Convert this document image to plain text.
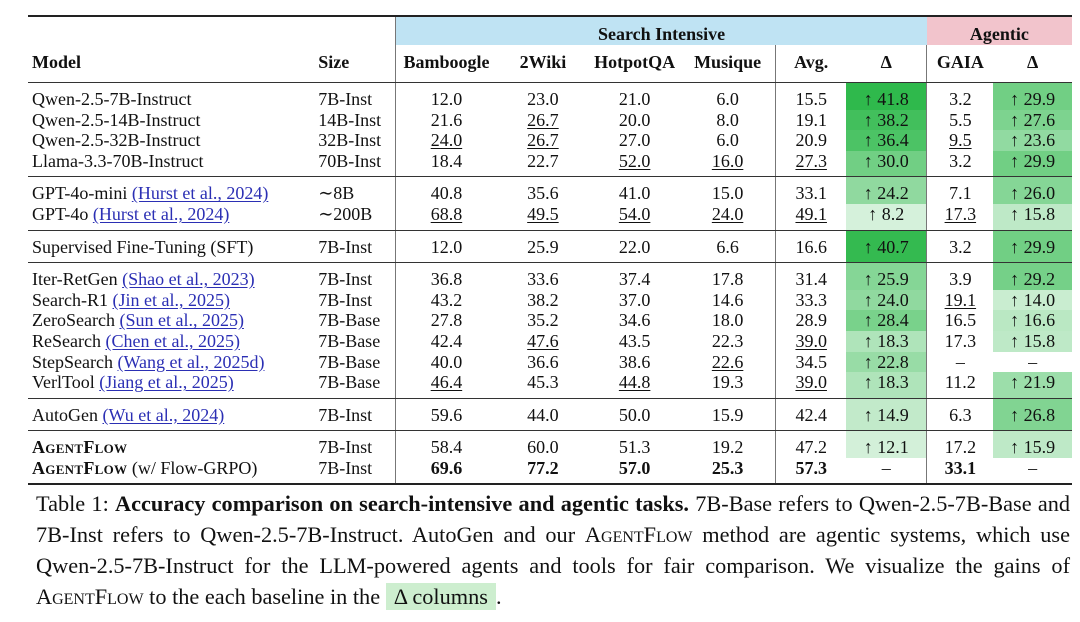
		Search Intensive						Agentic	
Model	Size	Bamboogle	2Wiki	HotpotQA	Musique	Avg.	Δ	GAIA	Δ
Qwen-2.5-7B-Instruct	7B-Inst	12.0	23.0	21.0	6.0	15.5	↑ 41.8	3.2	↑ 29.9
Qwen-2.5-14B-Instruct	14B-Inst	21.6	26.7	20.0	8.0	19.1	↑ 38.2	5.5	↑ 27.6
Qwen-2.5-32B-Instruct	32B-Inst	24.0	26.7	27.0	6.0	20.9	↑ 36.4	9.5	↑ 23.6
Llama-3.3-70B-Instruct	70B-Inst	18.4	22.7	52.0	16.0	27.3	↑ 30.0	3.2	↑ 29.9
GPT-4o-mini (Hurst et al., 2024)	∼8B	40.8	35.6	41.0	15.0	33.1	↑ 24.2	7.1	↑ 26.0
GPT-4o (Hurst et al., 2024)	∼200B	68.8	49.5	54.0	24.0	49.1	↑ 8.2	17.3	↑ 15.8
Supervised Fine-Tuning (SFT)	7B-Inst	12.0	25.9	22.0	6.6	16.6	↑ 40.7	3.2	↑ 29.9
Iter-RetGen (Shao et al., 2023)	7B-Inst	36.8	33.6	37.4	17.8	31.4	↑ 25.9	3.9	↑ 29.2
Search-R1 (Jin et al., 2025)	7B-Inst	43.2	38.2	37.0	14.6	33.3	↑ 24.0	19.1	↑ 14.0
ZeroSearch (Sun et al., 2025)	7B-Base	27.8	35.2	34.6	18.0	28.9	↑ 28.4	16.5	↑ 16.6
ReSearch (Chen et al., 2025)	7B-Base	42.4	47.6	43.5	22.3	39.0	↑ 18.3	17.3	↑ 15.8
StepSearch (Wang et al., 2025d)	7B-Base	40.0	36.6	38.6	22.6	34.5	↑ 22.8	–	–
VerlTool (Jiang et al., 2025)	7B-Base	46.4	45.3	44.8	19.3	39.0	↑ 18.3	11.2	↑ 21.9
AutoGen (Wu et al., 2024)	7B-Inst	59.6	44.0	50.0	15.9	42.4	↑ 14.9	6.3	↑ 26.8
AgentFlow	7B-Inst	58.4	60.0	51.3	19.2	47.2	↑ 12.1	17.2	↑ 15.9
AgentFlow (w/ Flow-GRPO)	7B-Inst	69.6	77.2	57.0	25.3	57.3	–	33.1	–
Table 1: Accuracy comparison on search-intensive and agentic tasks. 7B-Base refers to Qwen-2.5-7B-Base and 7B-Inst refers to Qwen-2.5-7B-Instruct. AutoGen and our AgentFlow method are agentic systems, which use Qwen-2.5-7B-Instruct for the LLM-powered agents and tools for fair comparison. We visualize the gains of AgentFlow to the each baseline in the Δ columns .
